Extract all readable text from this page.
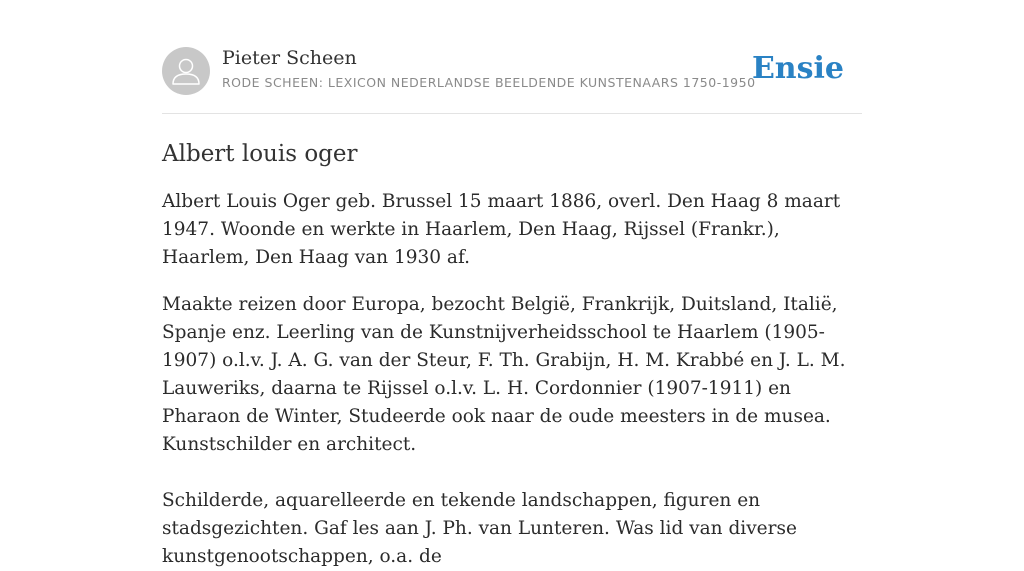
Pieter Scheen
RODE SCHEEN: LEXICON NEDERLANDSE BEELDENDE KUNSTENAARS 1750-1950
Ensie
Albert louis oger

Albert Louis Oger geb. Brussel 15 maart 1886, overl. Den Haag 8 maart 1947. Woonde en werkte in Haarlem, Den Haag, Rijssel (Frankr.), Haarlem, Den Haag van 1930 af.

Maakte reizen door Europa, bezocht België, Frankrijk, Duitsland, Italië, Spanje enz. Leerling van de Kunstnijverheidsschool te Haarlem (1905-1907) o.l.v. J. A. G. van der Steur, F. Th. Grabijn, H. M. Krabbé en J. L. M. Lauweriks, daarna te Rijssel o.l.v. L. H. Cordonnier (1907-1911) en Pharaon de Winter, Studeerde ook naar de oude meesters in de musea. Kunstschilder en architect.

Schilderde, aquarelleerde en tekende landschappen, figuren en stadsgezichten. Gaf les aan J. Ph. van Lunteren. Was lid van diverse kunstgenootschappen, o.a. de
